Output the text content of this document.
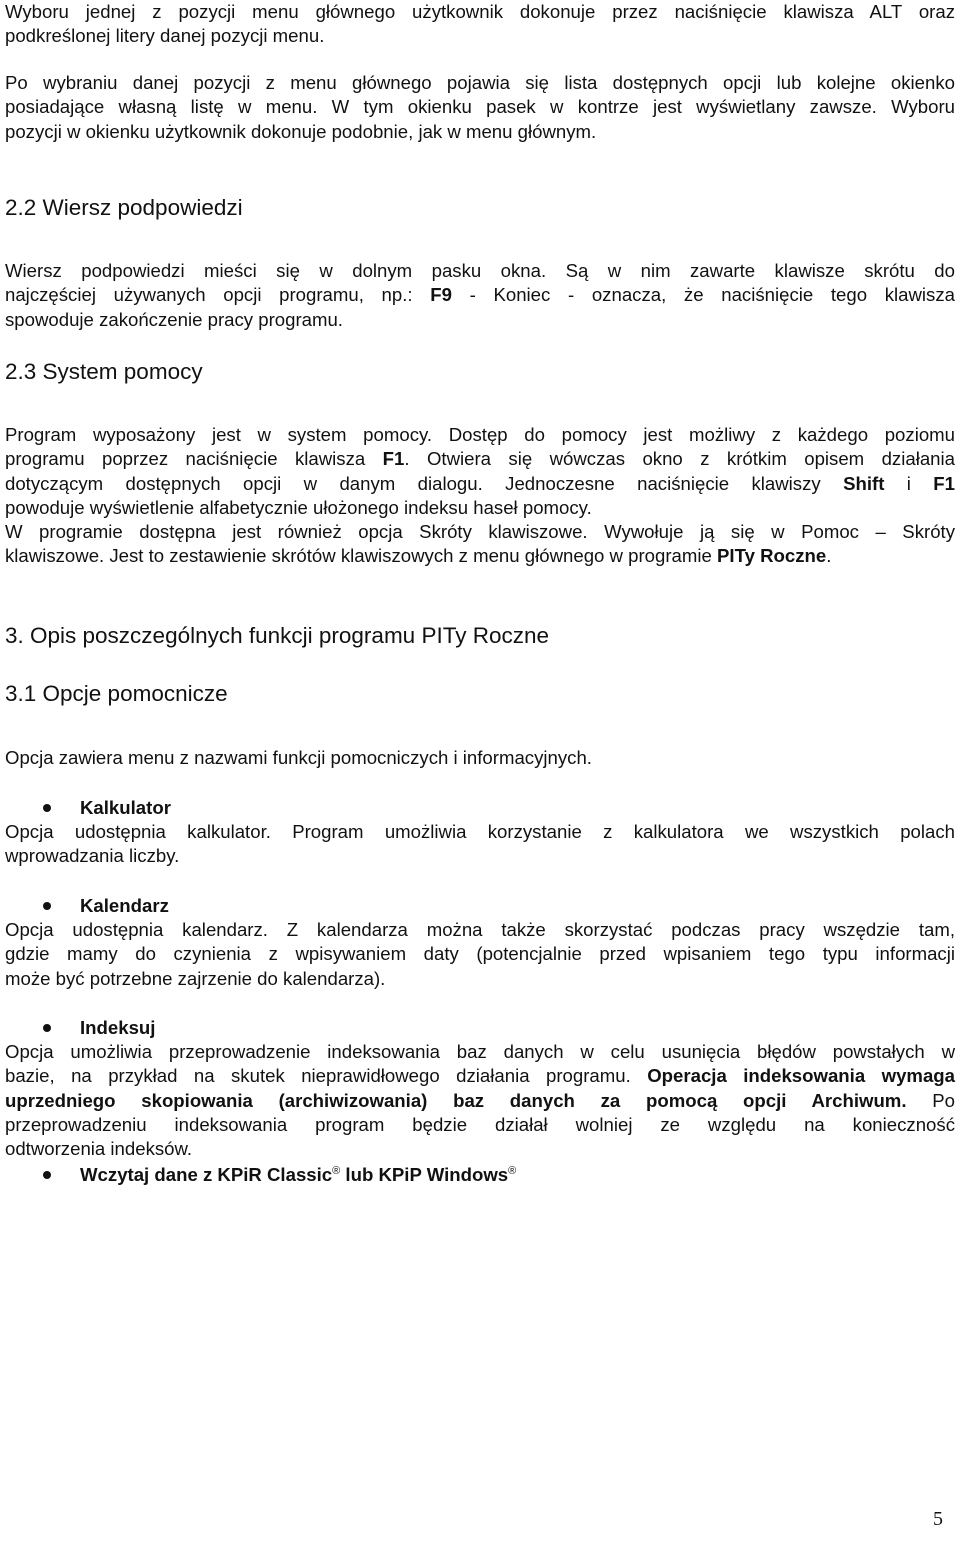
Wyboru jednej z pozycji menu głównego użytkownik dokonuje przez naciśnięcie klawisza ALT oraz

podkreślonej litery danej pozycji menu.

Po wybraniu danej pozycji z menu głównego pojawia się lista dostępnych opcji lub kolejne okienko

posiadające własną listę w menu. W tym okienku pasek w kontrze jest wyświetlany zawsze. Wyboru

pozycji w okienku użytkownik dokonuje podobnie, jak w menu głównym.

2.2 Wiersz podpowiedzi

Wiersz podpowiedzi mieści się w dolnym pasku okna. Są w nim zawarte klawisze skrótu do

najczęściej używanych opcji programu, np.: F9 - Koniec - oznacza, że naciśnięcie tego klawisza

spowoduje zakończenie pracy programu.

2.3 System pomocy

Program wyposażony jest w system pomocy. Dostęp do pomocy jest możliwy z każdego poziomu

programu poprzez naciśnięcie klawisza F1. Otwiera się wówczas okno z krótkim opisem działania

dotyczącym dostępnych opcji w danym dialogu. Jednoczesne naciśnięcie klawiszy Shift i F1

powoduje wyświetlenie alfabetycznie ułożonego indeksu haseł pomocy.

W programie dostępna jest również opcja Skróty klawiszowe. Wywołuje ją się w Pomoc – Skróty

klawiszowe. Jest to zestawienie skrótów klawiszowych z menu głównego w programie PITy Roczne.

3. Opis poszczególnych funkcji programu PITy Roczne
3.1 Opcje pomocnicze

Opcja zawiera menu z nazwami funkcji pomocniczych i informacyjnych.

Kalkulator

Opcja udostępnia kalkulator. Program umożliwia korzystanie z kalkulatora we wszystkich polach

wprowadzania liczby.

Kalendarz

Opcja udostępnia kalendarz. Z kalendarza można także skorzystać podczas pracy wszędzie tam,

gdzie mamy do czynienia z wpisywaniem daty (potencjalnie przed wpisaniem tego typu informacji

może być potrzebne zajrzenie do kalendarza).

Indeksuj

Opcja umożliwia przeprowadzenie indeksowania baz danych w celu usunięcia błędów powstałych w

bazie, na przykład na skutek nieprawidłowego działania programu. Operacja indeksowania wymaga

uprzedniego skopiowania (archiwizowania) baz danych za pomocą opcji Archiwum. Po

przeprowadzeniu indeksowania program będzie działał wolniej ze względu na konieczność

odtworzenia indeksów.

Wczytaj dane z KPiR Classic® lub KPiP Windows®

5
